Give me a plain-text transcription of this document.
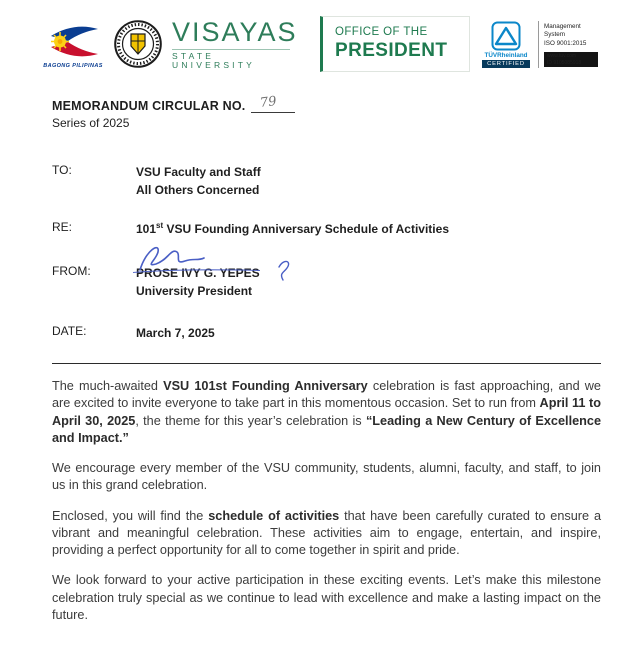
BAGONG PILIPINAS
VISAYAS
STATE UNIVERSITY
OFFICE OF THE
PRESIDENT	TÜVRheinland
CERTIFIED
Management
System
ISO 9001:2015
www.tuv.com
ID 9105085918
MEMORANDUM CIRCULAR NO. 79
Series of 2025
TO:	VSU Faculty and Staff
All Others Concerned
RE:	101st VSU Founding Anniversary Schedule of Activities
FROM:	PROSE IVY G. YEPES
University President
DATE:	March 7, 2025

The much-awaited VSU 101st Founding Anniversary celebration is fast approaching, and we are excited to invite everyone to take part in this momentous occasion. Set to run from April 11 to April 30, 2025, the theme for this year’s celebration is “Leading a New Century of Excellence and Impact.”

We encourage every member of the VSU community, students, alumni, faculty, and staff, to join us in this grand celebration.

Enclosed, you will find the schedule of activities that have been carefully curated to ensure a vibrant and meaningful celebration. These activities aim to engage, entertain, and inspire, providing a perfect opportunity for all to come together in spirit and pride.

We look forward to your active participation in these exciting events. Let’s make this milestone celebration truly special as we continue to lead with excellence and make a lasting impact on the future.
